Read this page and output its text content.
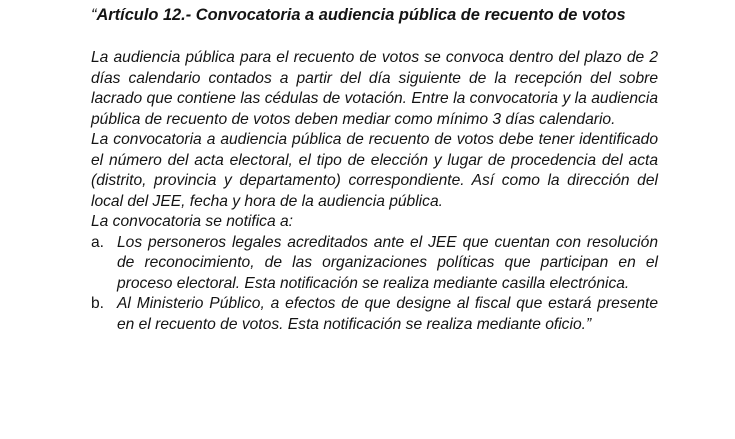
“Artículo 12.- Convocatoria a audiencia pública de recuento de votos

La audiencia pública para el recuento de votos se convoca dentro del plazo de 2 días calendario contados a partir del día siguiente de la recepción del sobre lacrado que contiene las cédulas de votación. Entre la convocatoria y la audiencia pública de recuento de votos deben mediar como mínimo 3 días calendario.

La convocatoria a audiencia pública de recuento de votos debe tener identificado el número del acta electoral, el tipo de elección y lugar de procedencia del acta (distrito, provincia y departamento) correspondiente. Así como la dirección del local del JEE, fecha y hora de la audiencia pública.

La convocatoria se notifica a:

a. Los personeros legales acreditados ante el JEE que cuentan con resolución de reconocimiento, de las organizaciones políticas que participan en el proceso electoral. Esta notificación se realiza mediante casilla electrónica.
b. Al Ministerio Público, a efectos de que designe al fiscal que estará presente en el recuento de votos. Esta notificación se realiza mediante oficio.”
